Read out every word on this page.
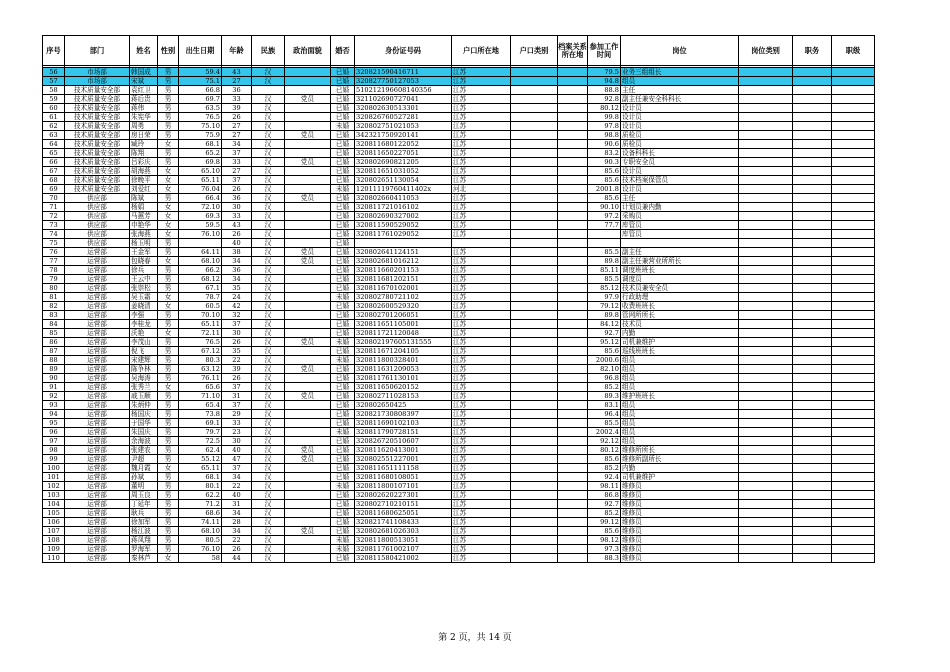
序号	部门	姓名	性别	出生日期	年龄	民族	政治面貌	婚否	身份证号码	户口所在地	户口类别	档案关系所在地	参加工作时间	岗位	岗位类别	职务	职级

56	市场部	韩国成	男	59.4	43	汉		已婚	320821590416711	江苏			79.5	业务三组组长			
57	市场部	宋斌	男	75.1	27	汉		已婚	320827750127053	江苏			94.8	组员			
58	技术质量安全部	袁红卫	男	66.8	36			已婚	510212196608140356	江苏			88.8	主任			
59	技术质量安全部	蒋后贵	男	69.7	33	汉	党员	已婚	321102690727041	江苏			92.8	副主任兼安全科科长			
60	技术质量安全部	蒋伟	男	63.5	39	汉		已婚	320802630513301	江苏			80.12	设计员			
61	技术质量安全部	朱宪华	男	76.5	26	汉		已婚	320826760527281	江苏			99.8	设计员			
62	技术质量安全部	周勇	男	75.10	27	汉		未婚	320802751021053	江苏			97.8	设计员			
63	技术质量安全部	房日荣	男	75.9	27	汉	党员	已婚	342321750920141	江苏			98.8	质检员			
64	技术质量安全部	臧玲	女	68.1	34	汉		已婚	320811680122052	江苏			90.6	质检员			
65	技术质量安全部	陈翔	男	65.2	37	汉		已婚	320811650227051	江苏			83.2	设备科科长			
66	技术质量安全部	吕彩庆	男	69.8	33	汉	党员	已婚	320802690821205	江苏			90.3	专职安全员			
67	技术质量安全部	胡海燕	女	65.10	27	汉		已婚	320811651031052	江苏			85.6	设计员			
68	技术质量安全部	徐晚平	女	65.11	37	汉		已婚	320802651130054	江苏			85.6	技术档案保管员			
69	技术质量安全部	刘爱红	女	76.04	26	汉		未婚	120111197604114​02x	河北			2001.8	设计员			
70	供应部	陈斌	男	66.4	36	汉	党员	已婚	320802660411053	江苏			85.6	主任			
71	供应部	杨娟	女	72.10	30	汉		已婚	320811721016102	江苏			90.10	计划员兼内勤			
72	供应部	马蕙芳	女	69.3	33	汉		已婚	320802690327002	江苏			97.2	采购员			
73	供应部	申艳华	女	59.5	43	汉		已婚	320811590529052	江苏			77.7	库管员			
74	供应部	张海燕	女	76.10	26	汉		已婚	320811761029052	江苏				库管员			
75	供应部	杨玉明	男		40	汉		已婚									
76	运营部	王金军	男	64.11	38	汉	党员	已婚	320802641124151	江苏			85.5	副主任			
77	运营部	包晓春	女	68.10	34	汉	党员	已婚	320802681016212	江苏			89.8	副主任兼营业所所长			
78	运营部	徐兵	男	66.2	36	汉		已婚	320811660201153	江苏			85.11	调度班班长			
79	运营部	王云中	男	68.12	34	汉		已婚	320811681202151	江苏			85.5	调度员			
80	运营部	张崇松	男	67.1	35	汉		已婚	320811670102001	江苏			85.12	技术员兼安全员			
81	运营部	吴玉霜	女	78.7	24	汉		未婚	320802780721102	江苏			97.9	行政助理			
82	运营部	姜晓清	女	60.5	42	汉		已婚	320802600529320	江苏			79.12	收费班班长			
83	运营部	李强	男	70.10	32	汉		已婚	320802701206051	江苏			89.8	管网所所长			
84	运营部	李桂龙	男	65.11	37	汉		已婚	320811651105001	江苏			84.12	技术员			
85	运营部	沃艳	女	72.11	30	汉		已婚	320811721120048	江苏			92.7	内勤			
86	运营部	李茂山	男	76.5	26	汉	党员	未婚	320802197605131555	江苏			95.12	司机兼维护			
87	运营部	倪飞	男	67.12	35	汉		已婚	320811671204105	江苏			85.6	巡线班班长			
88	运营部	宋建辉	男	80.3	22	汉		未婚	320811800328401	江苏			2000.6	组员			
89	运营部	陈争林	男	63.12	39	汉	党员	已婚	320811631209053	江苏			82.10	组员			
90	运营部	吴海涛	男	76.11	26	汉		已婚	320811761130101	江苏			96.8	组员			
91	运营部	张秀兰	女	65.6	37	汉		已婚	320811650620152	江苏			85.2	组员			
92	运营部	戚玉顺	男	71.10	31	汉	党员	已婚	320802711028153	江苏			89.3	维护班班长			
93	运营部	朱炳仲	男	65.4	37	汉		已婚	320802650425	江苏			83.1	组员			
94	运营部	杨国庆	男	73.8	29	汉		已婚	320821730808397	江苏			96.4	组员			
95	运营部	于国华	男	69.1	33	汉		已婚	320811690102103	江苏			85.5	组员			
96	运营部	朱国庆	男	79.7	23	汉		未婚	320811790728151	江苏			2002.4	组员			
97	运营部	余海波	男	72.5	30	汉		已婚	320826720510607	江苏			92.12	组员			
98	运营部	张建农	男	62.4	40	汉	党员	已婚	320811620413001	江苏			80.12	维修所所长			
99	运营部	尹超	男	55.12	47	汉	党员	已婚	320802551227001	江苏			85.6	维修所副所长			
100	运营部	魏月霞	女	65.11	37	汉		已婚	320811651111158	江苏			85.2	内勤			
101	运营部	孙斌	男	68.1	34	汉		已婚	320811680108051	江苏			92.4	司机兼维护			
102	运营部	董明	男	80.1	22	汉		未婚	320811800107101	江苏			98.11	维修员			
103	运营部	周玉良	男	62.2	40	汉		已婚	320802620227301	江苏			86.8	维修员			
104	运营部	丁延年	男	71.2	31	汉		已婚	320802710210151	江苏			92.7	维修员			
105	运营部	耿兵	男	68.6	34	汉		已婚	320811680625051	江苏			85.2	维修员			
106	运营部	徐加军	男	74.11	28	汉		已婚	320821741108433	江苏			99.12	维修员			
107	运营部	杨江波	男	68.10	34	汉	党员	已婚	320802681026303	江苏			85.6	维修员			
108	运营部	蒋凤翔	男	80.5	22	汉		未婚	320811800513051	江苏			98.12	维修员			
109	运营部	罗海军	男	76.10	26	汉		未婚	320811761002107	江苏			97.3	维修员			
110	运营部	秦林芦	女	58	44	汉		已婚	320811580421002	江苏			88.3	维修员			
第 2 页，共 14 页
